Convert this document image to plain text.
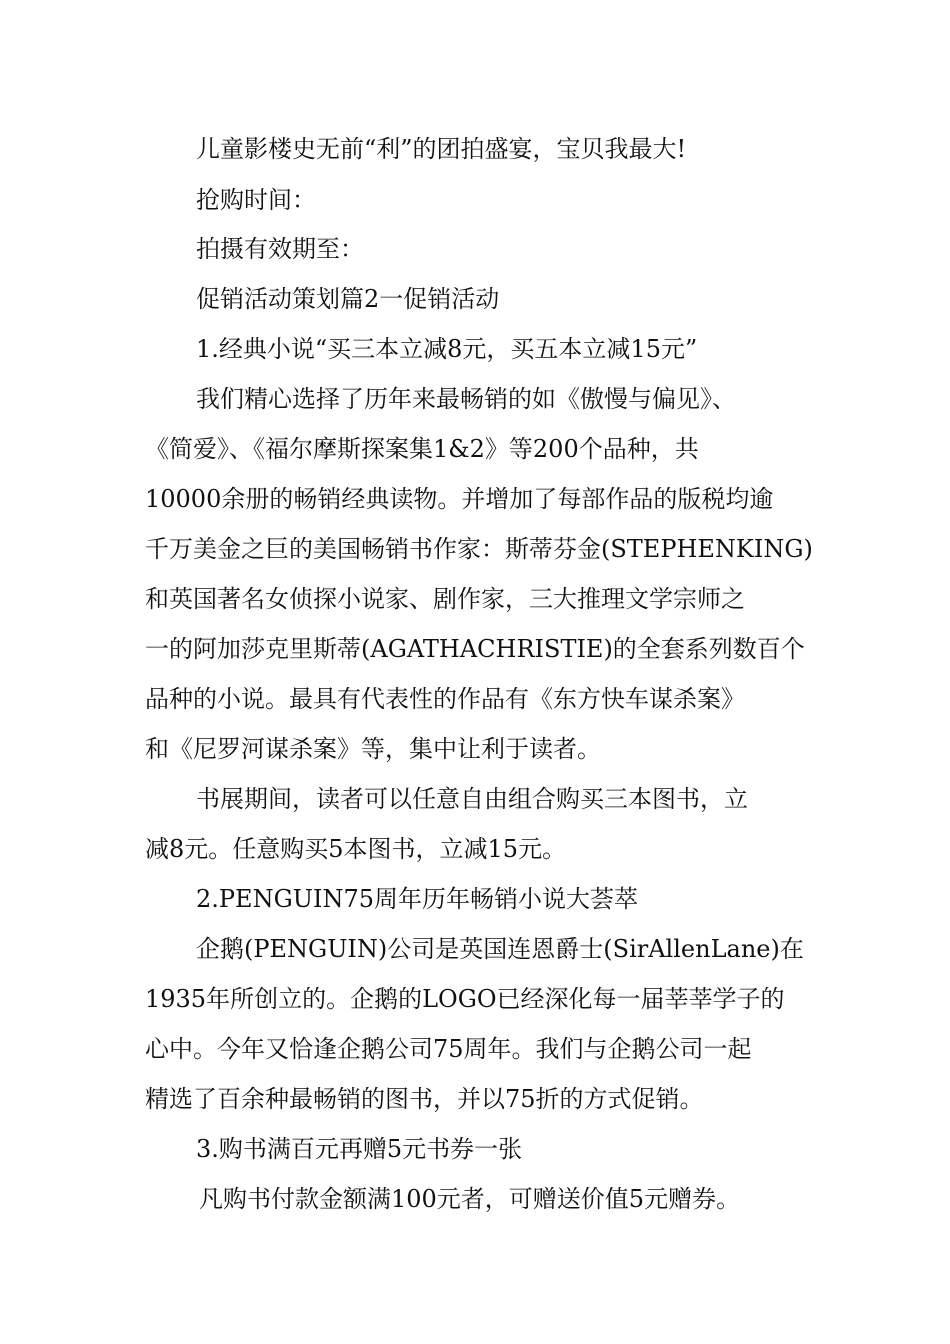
儿童影楼史无前“利”的团拍盛宴，宝贝我最大!
抢购时间：
拍摄有效期至：
促销活动策划篇2一促销活动
1.经典小说“买三本立减8元，买五本立减15元”
我们精心选择了历年来最畅销的如《傲慢与偏见》、
《简爱》、《福尔摩斯探案集1&2》等200个品种，共
10000余册的畅销经典读物。并增加了每部作品的版税均逾
千万美金之巨的美国畅销书作家：斯蒂芬金(STEPHENKING)
和英国著名女侦探小说家、剧作家，三大推理文学宗师之
一的阿加莎克里斯蒂(AGATHACHRISTIE)的全套系列数百个
品种的小说。最具有代表性的作品有《东方快车谋杀案》
和《尼罗河谋杀案》等，集中让利于读者。
书展期间，读者可以任意自由组合购买三本图书，立
减8元。任意购买5本图书，立减15元。
2.PENGUIN75周年历年畅销小说大荟萃
企鹅(PENGUIN)公司是英国连恩爵士(SirAllenLane)在
1935年所创立的。企鹅的LOGO已经深化每一届莘莘学子的
心中。今年又恰逢企鹅公司75周年。我们与企鹅公司一起
精选了百余种最畅销的图书，并以75折的方式促销。
3.购书满百元再赠5元书券一张
凡购书付款金额满100元者，可赠送价值5元赠券。
